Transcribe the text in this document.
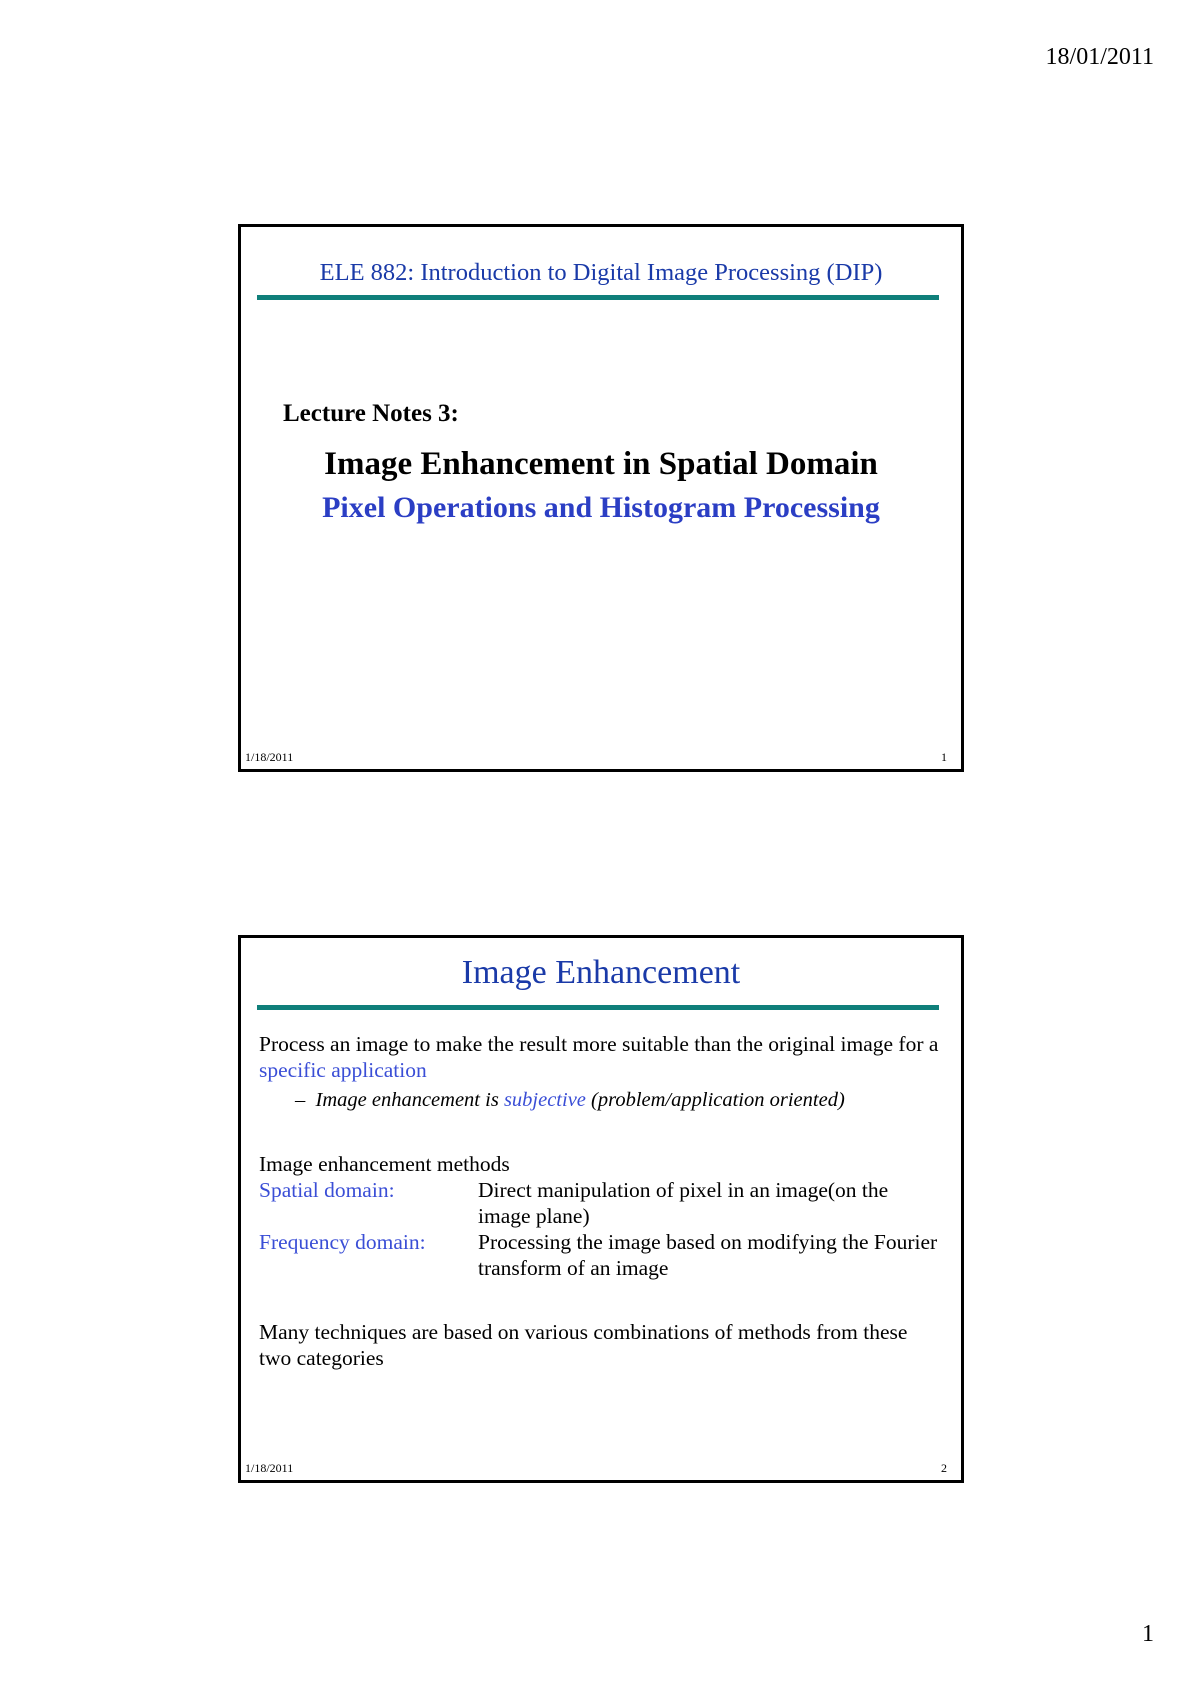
18/01/2011
ELE 882: Introduction to Digital Image Processing (DIP)
Lecture Notes 3:
Image Enhancement in Spatial Domain
Pixel Operations and Histogram Processing
1/18/2011	1
Image Enhancement
Process an image to make the result more suitable than the original image for a specific application
– Image enhancement is subjective (problem/application oriented)
Image enhancement methods
Spatial domain:	Direct manipulation of pixel in an image(on the image plane)
Frequency domain:	Processing the image based on modifying the Fourier transform of an image
Many techniques are based on various combinations of methods from these two categories
1/18/2011	2
1
